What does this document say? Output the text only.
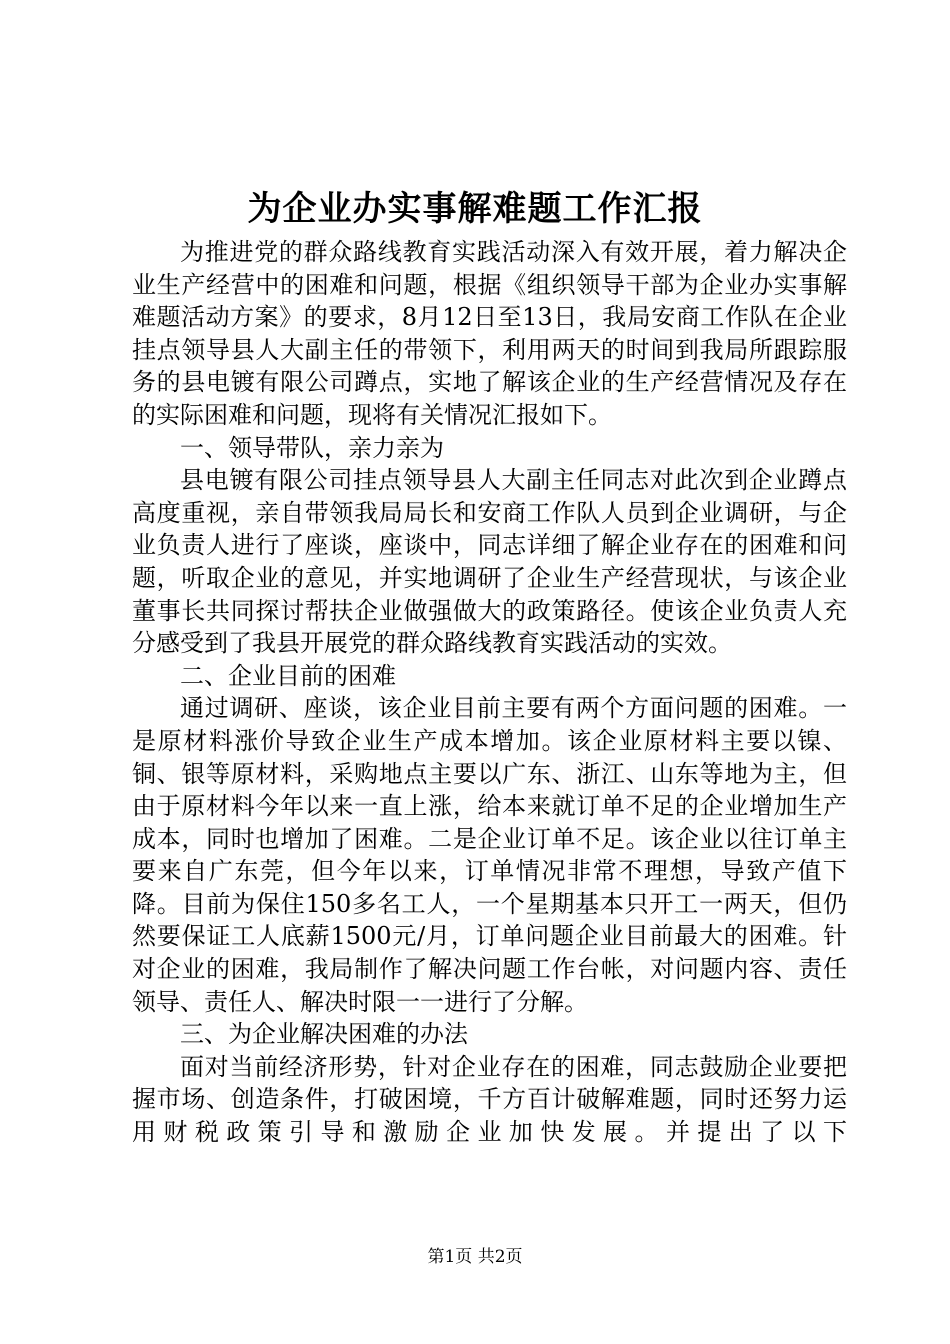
为企业办实事解难题工作汇报

为推进党的群众路线教育实践活动深入有效开展，着力解决企业生产经营中的困难和问题，根据《组织领导干部为企业办实事解难题活动方案》的要求，8月12日至13日，我局安商工作队在企业挂点领导县人大副主任的带领下，利用两天的时间到我局所跟踪服务的县电镀有限公司蹲点，实地了解该企业的生产经营情况及存在的实际困难和问题，现将有关情况汇报如下。

一、领导带队，亲力亲为

县电镀有限公司挂点领导县人大副主任同志对此次到企业蹲点高度重视，亲自带领我局局长和安商工作队人员到企业调研，与企业负责人进行了座谈，座谈中，同志详细了解企业存在的困难和问题，听取企业的意见，并实地调研了企业生产经营现状，与该企业董事长共同探讨帮扶企业做强做大的政策路径。使该企业负责人充分感受到了我县开展党的群众路线教育实践活动的实效。

二、企业目前的困难

通过调研、座谈，该企业目前主要有两个方面问题的困难。一是原材料涨价导致企业生产成本增加。该企业原材料主要以镍、铜、银等原材料，采购地点主要以广东、浙江、山东等地为主，但由于原材料今年以来一直上涨，给本来就订单不足的企业增加生产成本，同时也增加了困难。二是企业订单不足。该企业以往订单主要来自广东莞，但今年以来，订单情况非常不理想，导致产值下降。目前为保住150多名工人，一个星期基本只开工一两天，但仍然要保证工人底薪1500元/月，订单问题企业目前最大的困难。针对企业的困难，我局制作了解决问题工作台帐，对问题内容、责任领导、责任人、解决时限一一进行了分解。

三、为企业解决困难的办法

面对当前经济形势，针对企业存在的困难，同志鼓励企业要把握市场、创造条件，打破困境，千方百计破解难题，同时还努力运用财税政策引导和激励企业加快发展。并提出了以下

第1页 共2页
